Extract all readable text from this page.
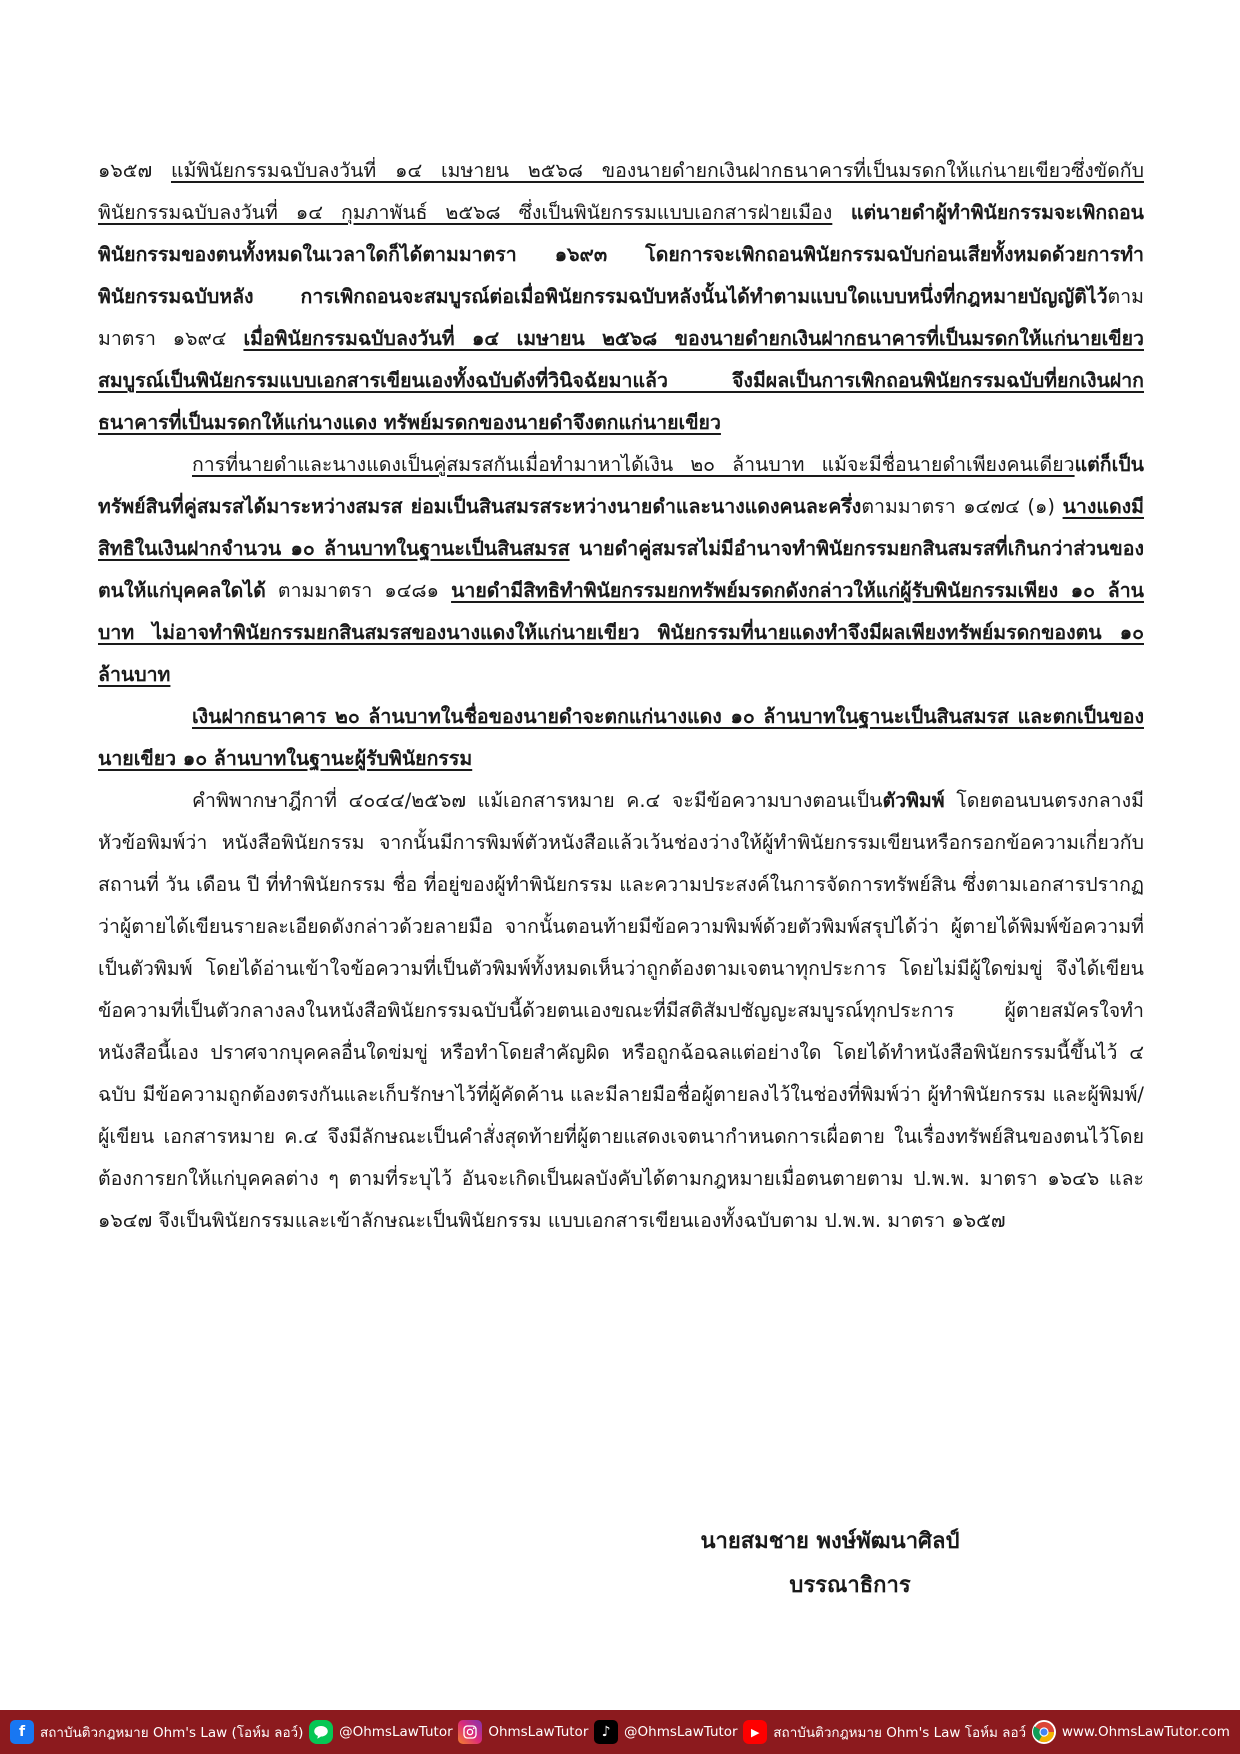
๑๖๕๗ แม้พินัยกรรมฉบับลงวันที่ ๑๔ เมษายน ๒๕๖๘ ของนายดำยกเงินฝากธนาคารที่เป็นมรดกให้แก่นายเขียวซึ่งขัดกับพินัยกรรมฉบับลงวันที่ ๑๔ กุมภาพันธ์ ๒๕๖๘ ซึ่งเป็นพินัยกรรมแบบเอกสารฝ่ายเมือง แต่นายดำผู้ทำพินัยกรรมจะเพิกถอนพินัยกรรมของตนทั้งหมดในเวลาใดก็ได้ตามมาตรา ๑๖๙๓ โดยการจะเพิกถอนพินัยกรรมฉบับก่อนเสียทั้งหมดด้วยการทำพินัยกรรมฉบับหลัง การเพิกถอนจะสมบูรณ์ต่อเมื่อพินัยกรรมฉบับหลังนั้นได้ทำตามแบบใดแบบหนึ่งที่กฎหมายบัญญัติไว้ตามมาตรา ๑๖๙๔ เมื่อพินัยกรรมฉบับลงวันที่ ๑๔ เมษายน ๒๕๖๘ ของนายดำยกเงินฝากธนาคารที่เป็นมรดกให้แก่นายเขียวสมบูรณ์เป็นพินัยกรรมแบบเอกสารเขียนเองทั้งฉบับดังที่วินิจฉัยมาแล้ว จึงมีผลเป็นการเพิกถอนพินัยกรรมฉบับที่ยกเงินฝากธนาคารที่เป็นมรดกให้แก่นางแดง ทรัพย์มรดกของนายดำจึงตกแก่นายเขียว

การที่นายดำและนางแดงเป็นคู่สมรสกันเมื่อทำมาหาได้เงิน ๒๐ ล้านบาท แม้จะมีชื่อนายดำเพียงคนเดียวแต่ก็เป็นทรัพย์สินที่คู่สมรสได้มาระหว่างสมรส ย่อมเป็นสินสมรสระหว่างนายดำและนางแดงคนละครึ่งตามมาตรา ๑๔๗๔ (๑) นางแดงมีสิทธิในเงินฝากจำนวน ๑๐ ล้านบาทในฐานะเป็นสินสมรส นายดำคู่สมรสไม่มีอำนาจทำพินัยกรรมยกสินสมรสที่เกินกว่าส่วนของตนให้แก่บุคคลใดได้ ตามมาตรา ๑๔๘๑ นายดำมีสิทธิทำพินัยกรรมยกทรัพย์มรดกดังกล่าวให้แก่ผู้รับพินัยกรรมเพียง ๑๐ ล้านบาท ไม่อาจทำพินัยกรรมยกสินสมรสของนางแดงให้แก่นายเขียว พินัยกรรมที่นายแดงทำจึงมีผลเพียงทรัพย์มรดกของตน ๑๐ ล้านบาท

เงินฝากธนาคาร ๒๐ ล้านบาทในชื่อของนายดำจะตกแก่นางแดง ๑๐ ล้านบาทในฐานะเป็นสินสมรส และตกเป็นของนายเขียว ๑๐ ล้านบาทในฐานะผู้รับพินัยกรรม

คำพิพากษาฎีกาที่ ๔๐๔๔/๒๕๖๗ แม้เอกสารหมาย ค.๔ จะมีข้อความบางตอนเป็นตัวพิมพ์ โดยตอนบนตรงกลางมีหัวข้อพิมพ์ว่า หนังสือพินัยกรรม จากนั้นมีการพิมพ์ตัวหนังสือแล้วเว้นช่องว่างให้ผู้ทำพินัยกรรมเขียนหรือกรอกข้อความเกี่ยวกับสถานที่ วัน เดือน ปี ที่ทำพินัยกรรม ชื่อ ที่อยู่ของผู้ทำพินัยกรรม และความประสงค์ในการจัดการทรัพย์สิน ซึ่งตามเอกสารปรากฏว่าผู้ตายได้เขียนรายละเอียดดังกล่าวด้วยลายมือ จากนั้นตอนท้ายมีข้อความพิมพ์ด้วยตัวพิมพ์สรุปได้ว่า ผู้ตายได้พิมพ์ข้อความที่เป็นตัวพิมพ์ โดยได้อ่านเข้าใจข้อความที่เป็นตัวพิมพ์ทั้งหมดเห็นว่าถูกต้องตามเจตนาทุกประการ โดยไม่มีผู้ใดข่มขู่ จึงได้เขียนข้อความที่เป็นตัวกลางลงในหนังสือพินัยกรรมฉบับนี้ด้วยตนเองขณะที่มีสติสัมปชัญญะสมบูรณ์ทุกประการ ผู้ตายสมัครใจทำหนังสือนี้เอง ปราศจากบุคคลอื่นใดข่มขู่ หรือทำโดยสำคัญผิด หรือถูกฉ้อฉลแต่อย่างใด โดยได้ทำหนังสือพินัยกรรมนี้ขึ้นไว้ ๔ ฉบับ มีข้อความถูกต้องตรงกันและเก็บรักษาไว้ที่ผู้คัดค้าน และมีลายมือชื่อผู้ตายลงไว้ในช่องที่พิมพ์ว่า ผู้ทำพินัยกรรม และผู้พิมพ์/ผู้เขียน เอกสารหมาย ค.๔ จึงมีลักษณะเป็นคำสั่งสุดท้ายที่ผู้ตายแสดงเจตนากำหนดการเผื่อตาย ในเรื่องทรัพย์สินของตนไว้โดยต้องการยกให้แก่บุคคลต่าง ๆ ตามที่ระบุไว้ อันจะเกิดเป็นผลบังคับได้ตามกฎหมายเมื่อตนตายตาม ป.พ.พ. มาตรา ๑๖๔๖ และ ๑๖๔๗ จึงเป็นพินัยกรรมและเข้าลักษณะเป็นพินัยกรรม แบบเอกสารเขียนเองทั้งฉบับตาม ป.พ.พ. มาตรา ๑๖๕๗

นายสมชาย พงษ์พัฒนาศิลป์
บรรณาธิการ
f	สถาบันติวกฎหมาย Ohm's Law (โอห์ม ลอว์)	@OhmsLawTutor	OhmsLawTutor ♪	@OhmsLawTutor	▶	สถาบันติวกฎหมาย Ohm's Law โอห์ม ลอว์	www.OhmsLawTutor.com
